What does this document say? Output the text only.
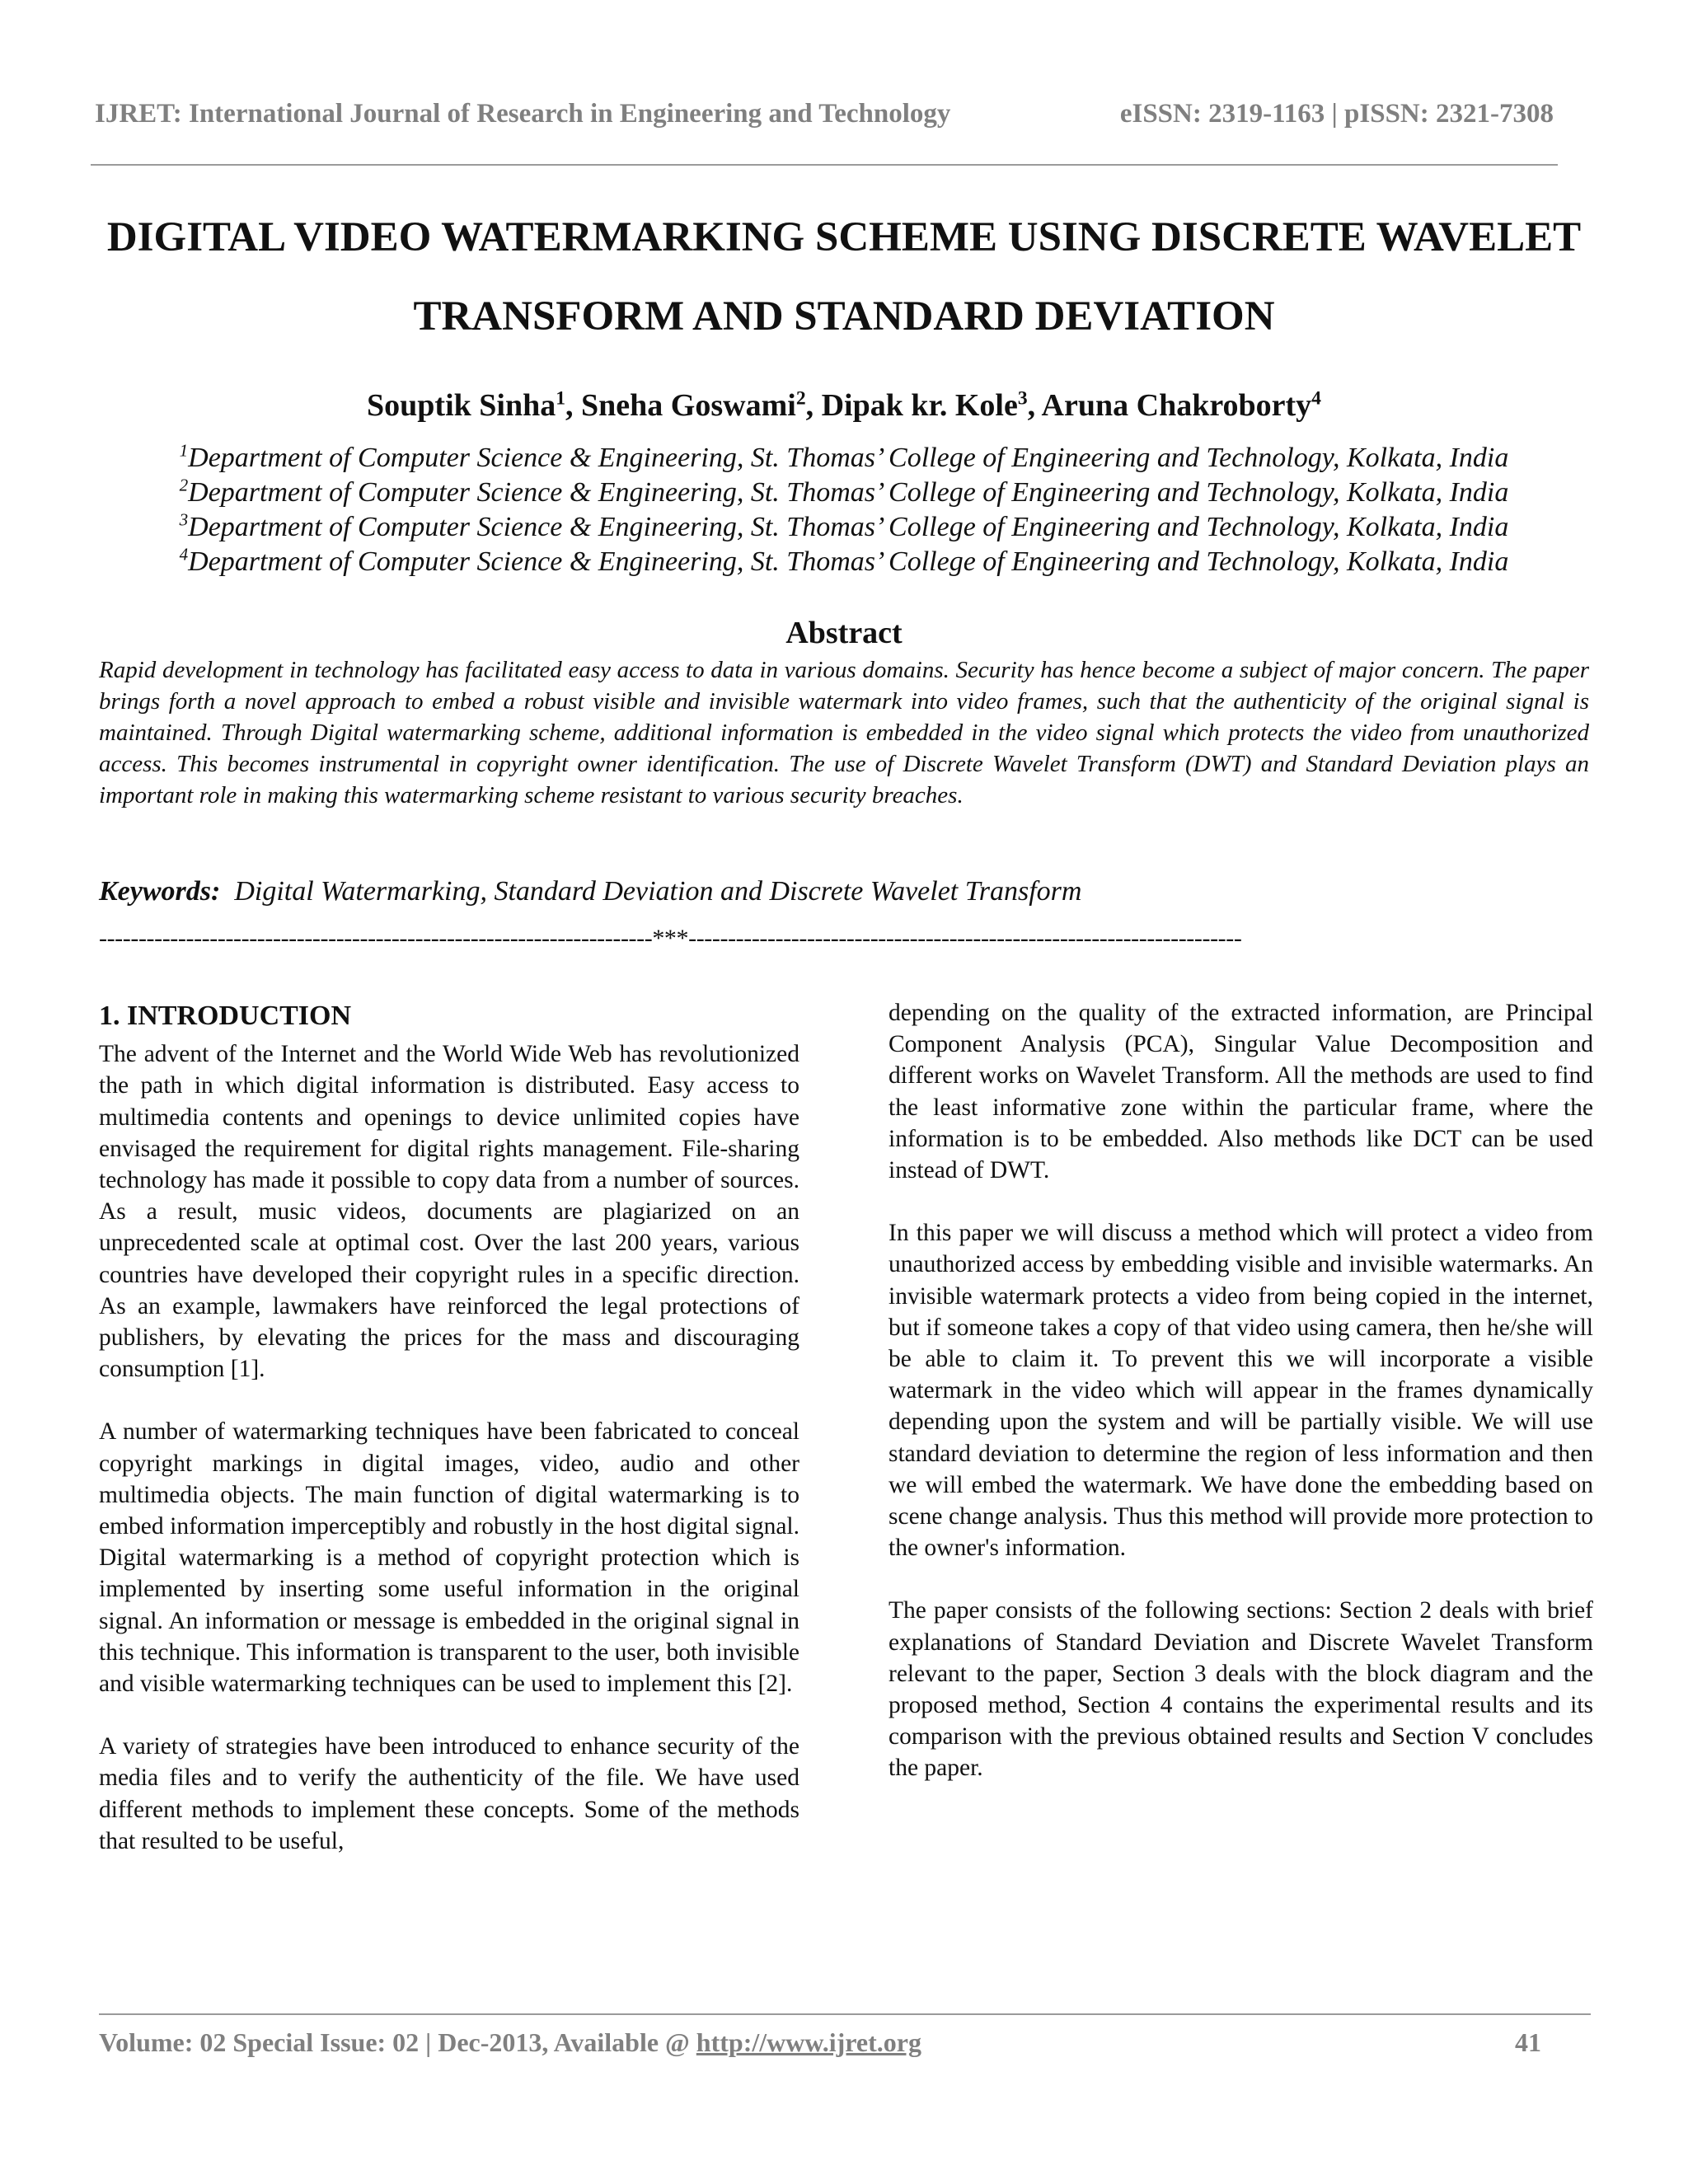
IJRET: International Journal of Research in Engineering and Technology	eISSN: 2319-1163 | pISSN: 2321-7308
DIGITAL VIDEO WATERMARKING SCHEME USING DISCRETE WAVELET TRANSFORM AND STANDARD DEVIATION
Souptik Sinha$^1$, Sneha Goswami$^2$, Dipak kr. Kole$^3$, Aruna Chakroborty$^4$
$^1$Department of Computer Science & Engineering, St. Thomas’ College of Engineering and Technology, Kolkata, India
$^2$Department of Computer Science & Engineering, St. Thomas’ College of Engineering and Technology, Kolkata, India
$^3$Department of Computer Science & Engineering, St. Thomas’ College of Engineering and Technology, Kolkata, India
$^4$Department of Computer Science & Engineering, St. Thomas’ College of Engineering and Technology, Kolkata, India
Abstract
Rapid development in technology has facilitated easy access to data in various domains. Security has hence become a subject of major concern. The paper brings forth a novel approach to embed a robust visible and invisible watermark into video frames, such that the authenticity of the original signal is maintained. Through Digital watermarking scheme, additional information is embedded in the video signal which protects the video from unauthorized access. This becomes instrumental in copyright owner identification. The use of Discrete Wavelet Transform (DWT) and Standard Deviation plays an important role in making this watermarking scheme resistant to various security breaches.
Keywords: Digital Watermarking, Standard Deviation and Discrete Wavelet Transform
----------------------------------------------------------------------***----------------------------------------------------------------------
1. INTRODUCTION

The advent of the Internet and the World Wide Web has revolutionized the path in which digital information is distributed. Easy access to multimedia contents and openings to device unlimited copies have envisaged the requirement for digital rights management. File-sharing technology has made it possible to copy data from a number of sources. As a result, music videos, documents are plagiarized on an unprecedented scale at optimal cost. Over the last 200 years, various countries have developed their copyright rules in a specific direction. As an example, lawmakers have reinforced the legal protections of publishers, by elevating the prices for the mass and discouraging consumption [1].

A number of watermarking techniques have been fabricated to conceal copyright markings in digital images, video, audio and other multimedia objects. The main function of digital watermarking is to embed information imperceptibly and robustly in the host digital signal. Digital watermarking is a method of copyright protection which is implemented by inserting some useful information in the original signal. An information or message is embedded in the original signal in this technique. This information is transparent to the user, both invisible and visible watermarking techniques can be used to implement this [2].

A variety of strategies have been introduced to enhance security of the media files and to verify the authenticity of the file. We have used different methods to implement these concepts. Some of the methods that resulted to be useful,

depending on the quality of the extracted information, are Principal Component Analysis (PCA), Singular Value Decomposition and different works on Wavelet Transform. All the methods are used to find the least informative zone within the particular frame, where the information is to be embedded. Also methods like DCT can be used instead of DWT.

In this paper we will discuss a method which will protect a video from unauthorized access by embedding visible and invisible watermarks. An invisible watermark protects a video from being copied in the internet, but if someone takes a copy of that video using camera, then he/she will be able to claim it. To prevent this we will incorporate a visible watermark in the video which will appear in the frames dynamically depending upon the system and will be partially visible. We will use standard deviation to determine the region of less information and then we will embed the watermark. We have done the embedding based on scene change analysis. Thus this method will provide more protection to the owner's information.

The paper consists of the following sections: Section 2 deals with brief explanations of Standard Deviation and Discrete Wavelet Transform relevant to the paper, Section 3 deals with the block diagram and the proposed method, Section 4 contains the experimental results and its comparison with the previous obtained results and Section V concludes the paper.

Volume: 02 Special Issue: 02 | Dec-2013, Available @ http://www.ijret.org	41
